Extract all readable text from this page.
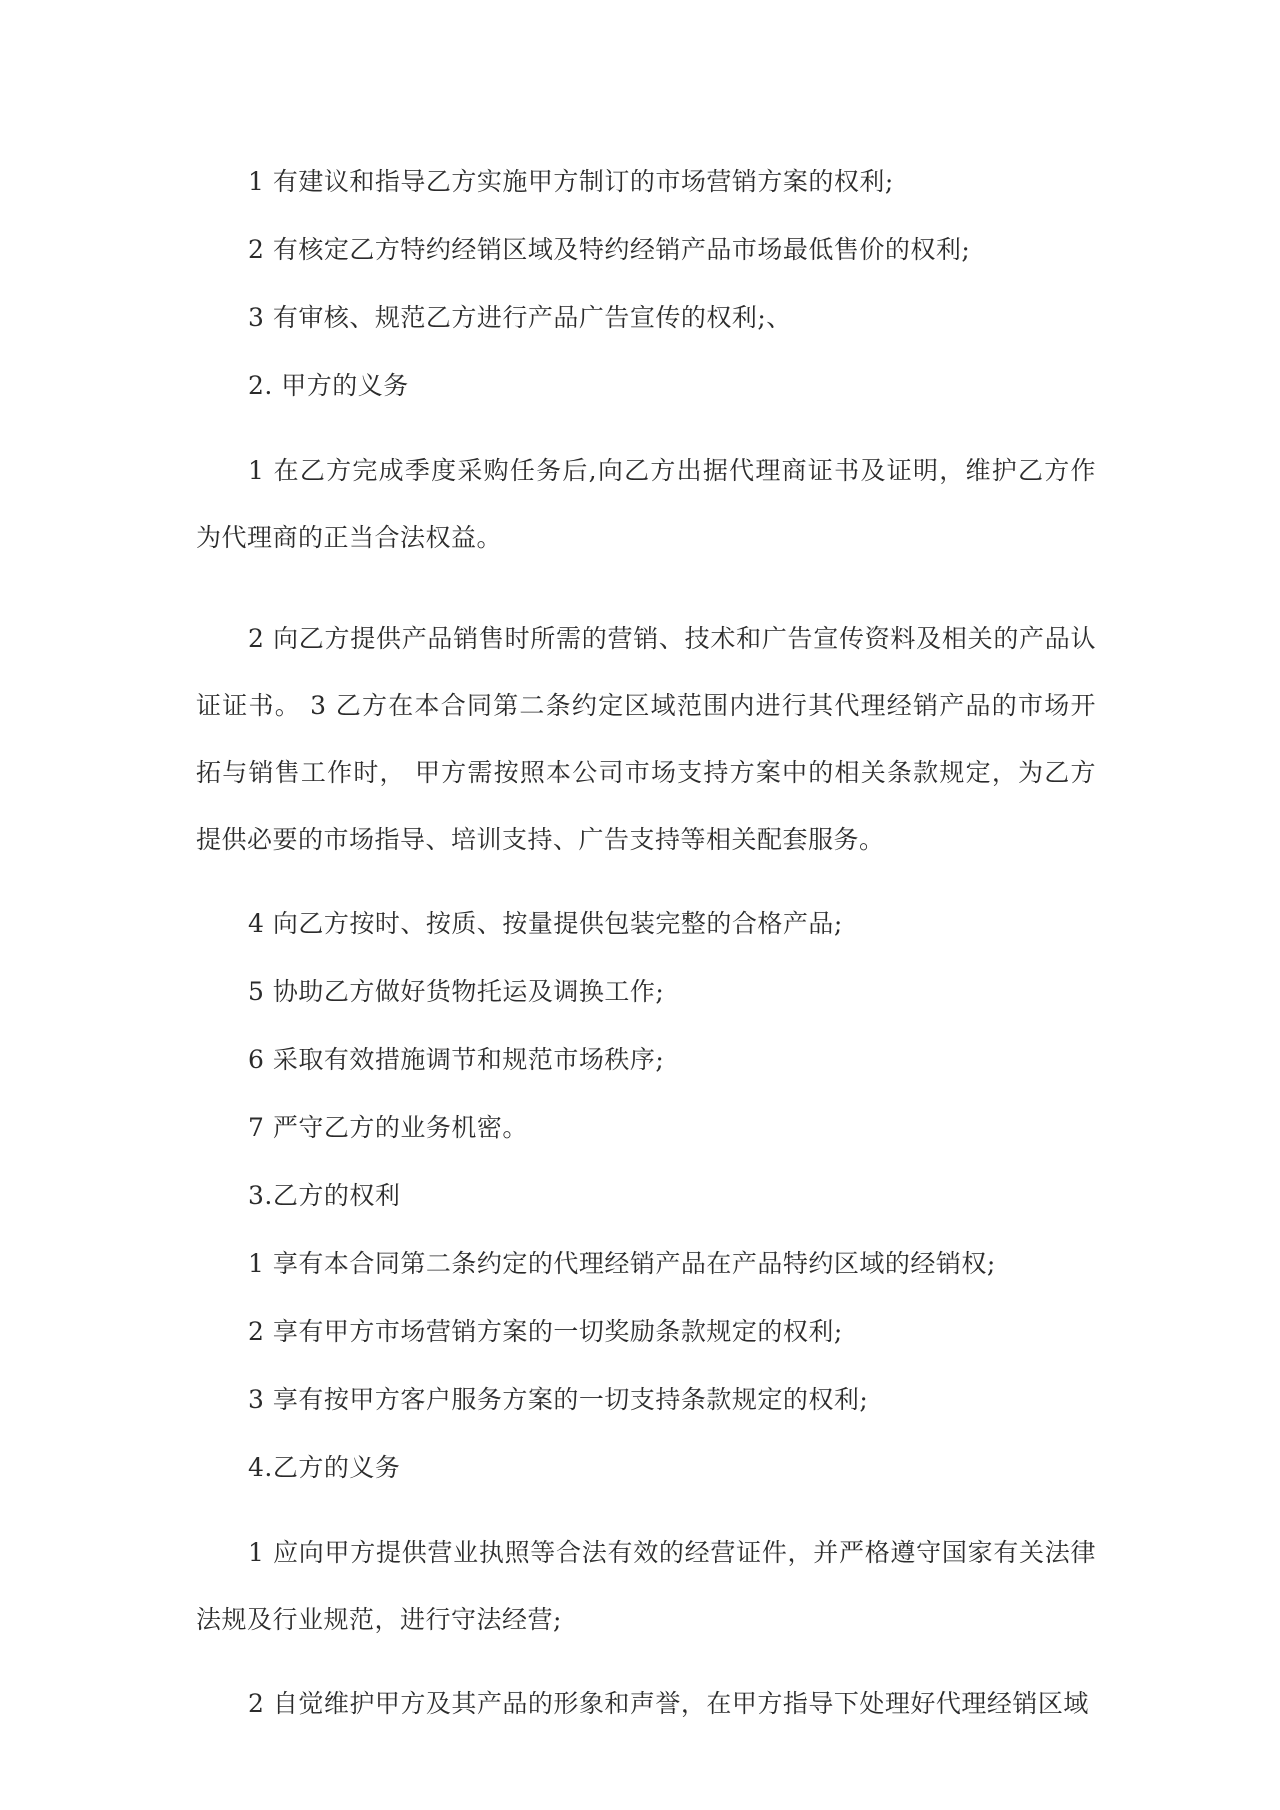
1 有建议和指导乙方实施甲方制订的市场营销方案的权利;

2 有核定乙方特约经销区域及特约经销产品市场最低售价的权利;

3 有审核、规范乙方进行产品广告宣传的权利;、

2. 甲方的义务

1 在乙方完成季度采购任务后,向乙方出据代理商证书及证明，维护乙方作为代理商的正当合法权益。

2 向乙方提供产品销售时所需的营销、技术和广告宣传资料及相关的产品认证证书。 3 乙方在本合同第二条约定区域范围内进行其代理经销产品的市场开拓与销售工作时， 甲方需按照本公司市场支持方案中的相关条款规定，为乙方提供必要的市场指导、培训支持、广告支持等相关配套服务。

4 向乙方按时、按质、按量提供包装完整的合格产品;

5 协助乙方做好货物托运及调换工作;

6 采取有效措施调节和规范市场秩序;

7 严守乙方的业务机密。

3.乙方的权利

1 享有本合同第二条约定的代理经销产品在产品特约区域的经销权;

2 享有甲方市场营销方案的一切奖励条款规定的权利;

3 享有按甲方客户服务方案的一切支持条款规定的权利;

4.乙方的义务

1 应向甲方提供营业执照等合法有效的经营证件，并严格遵守国家有关法律法规及行业规范，进行守法经营;

2 自觉维护甲方及其产品的形象和声誉，在甲方指导下处理好代理经销区域
